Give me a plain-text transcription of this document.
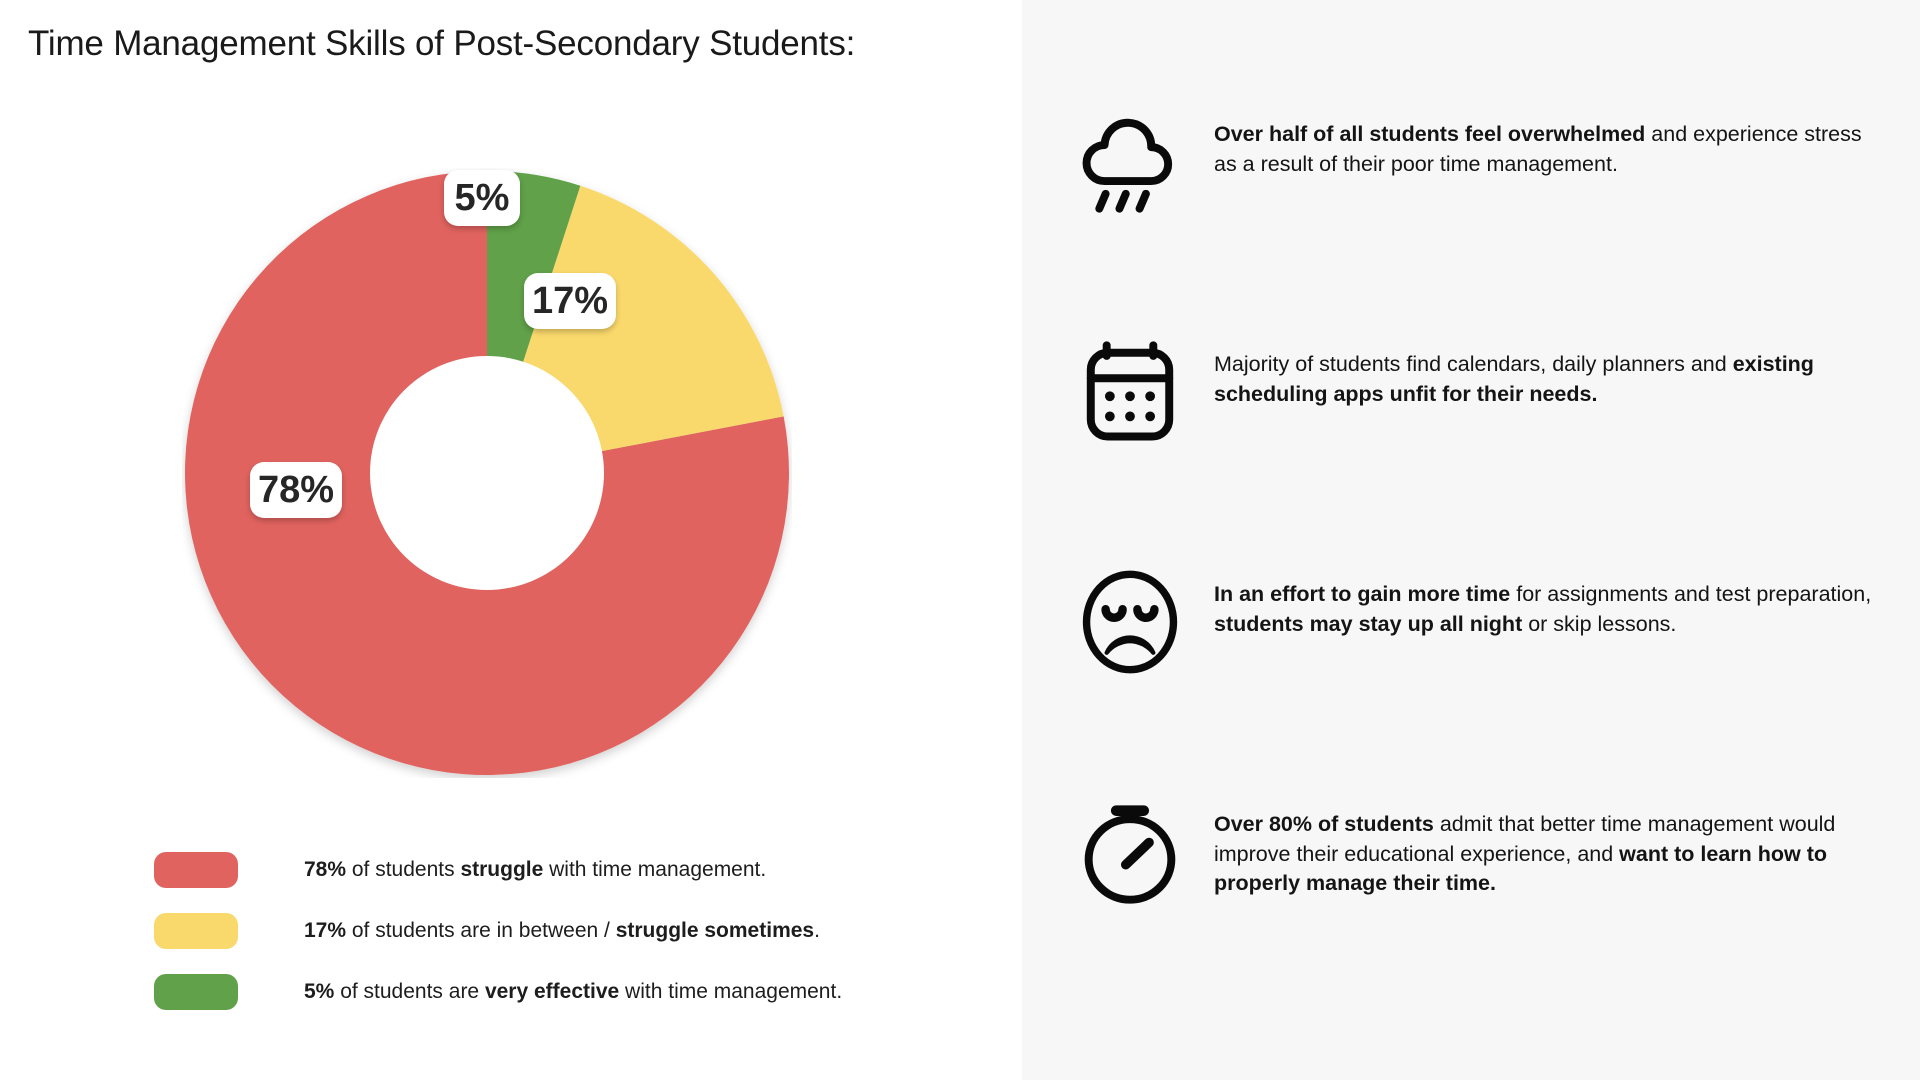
Time Management Skills of Post-Secondary Students:
78%
17%
5%
78% of students struggle with time management.
17% of students are in between / struggle sometimes.
5% of students are very effective with time management.
Over half of all students feel overwhelmed and experience stress as a result of their poor time management.
Majority of students find calendars, daily planners and existing scheduling apps unfit for their needs.
In an effort to gain more time for assignments and test preparation, students may stay up all night or skip lessons.
Over 80% of students admit that better time management would improve their educational experience, and want to learn how to properly manage their time.
